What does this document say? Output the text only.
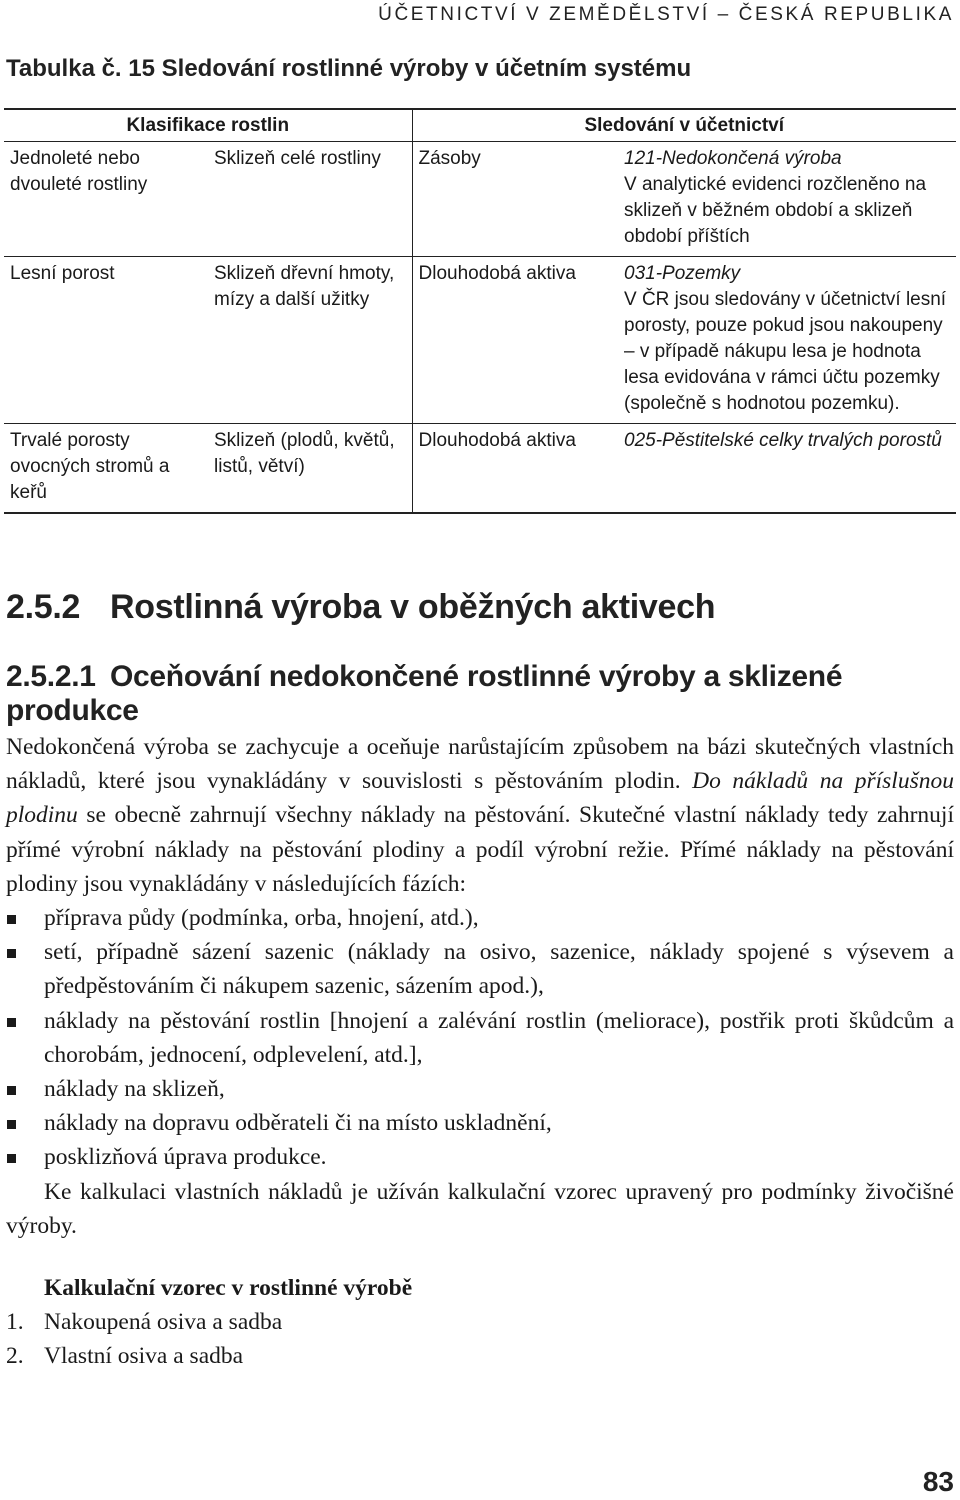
ÚČETNICTVÍ V ZEMĚDĚLSTVÍ – ČESKÁ REPUBLIKA
Tabulka č. 15 Sledování rostlinné výroby v účetním systému
Klasifikace rostlin		Sledování v účetnictví	
Jednoleté nebo dvouleté rostliny	Sklizeň celé rostliny	Zásoby	121-Nedokončená výroba
V analytické evidenci rozčleněno na sklizeň v běžném období a sklizeň období příštích

Lesní porost	Sklizeň dřevní hmoty, mízy a další užitky	Dlouhodobá aktiva	031-Pozemky
V ČR jsou sledovány v účetnictví lesní porosty, pouze pokud jsou nakoupeny – v případě nákupu lesa je hodnota lesa evidována v rámci účtu pozemky (společně s hodnotou pozemku).

Trvalé porosty ovocných stromů a keřů	Sklizeň (plodů, květů, listů, větví)	Dlouhodobá aktiva	025-Pěstitelské celky trvalých porostů
2.5.2 Rostlinná výroba v oběžných aktivech
2.5.2.1 Oceňování nedokončené rostlinné výroby a sklizené produkce

Nedokončená výroba se zachycuje a oceňuje narůstajícím způsobem na bázi skutečných vlastních nákladů, které jsou vynakládány v souvislosti s pěstováním plodin. Do nákladů na příslušnou plodinu se obecně zahrnují všechny náklady na pěstování. Skutečné vlastní náklady tedy zahrnují přímé výrobní náklady na pěstování plodiny a podíl výrobní režie. Přímé náklady na pěstování plodiny jsou vynakládány v následujících fázích:

příprava půdy (podmínka, orba, hnojení, atd.),
setí, případně sázení sazenic (náklady na osivo, sazenice, náklady spojené s výsevem a předpěstováním či nákupem sazenic, sázením apod.),
náklady na pěstování rostlin [hnojení a zalévání rostlin (meliorace), postřik proti škůdcům a chorobám, jednocení, odplevelení, atd.],
náklady na sklizeň,
náklady na dopravu odběrateli či na místo uskladnění,
posklizňová úprava produkce.

Ke kalkulaci vlastních nákladů je užíván kalkulační vzorec upravený pro podmínky živočišné výroby.

Kalkulační vzorec v rostlinné výrobě

1. Nakoupená osiva a sadba
2. Vlastní osiva a sadba
83
